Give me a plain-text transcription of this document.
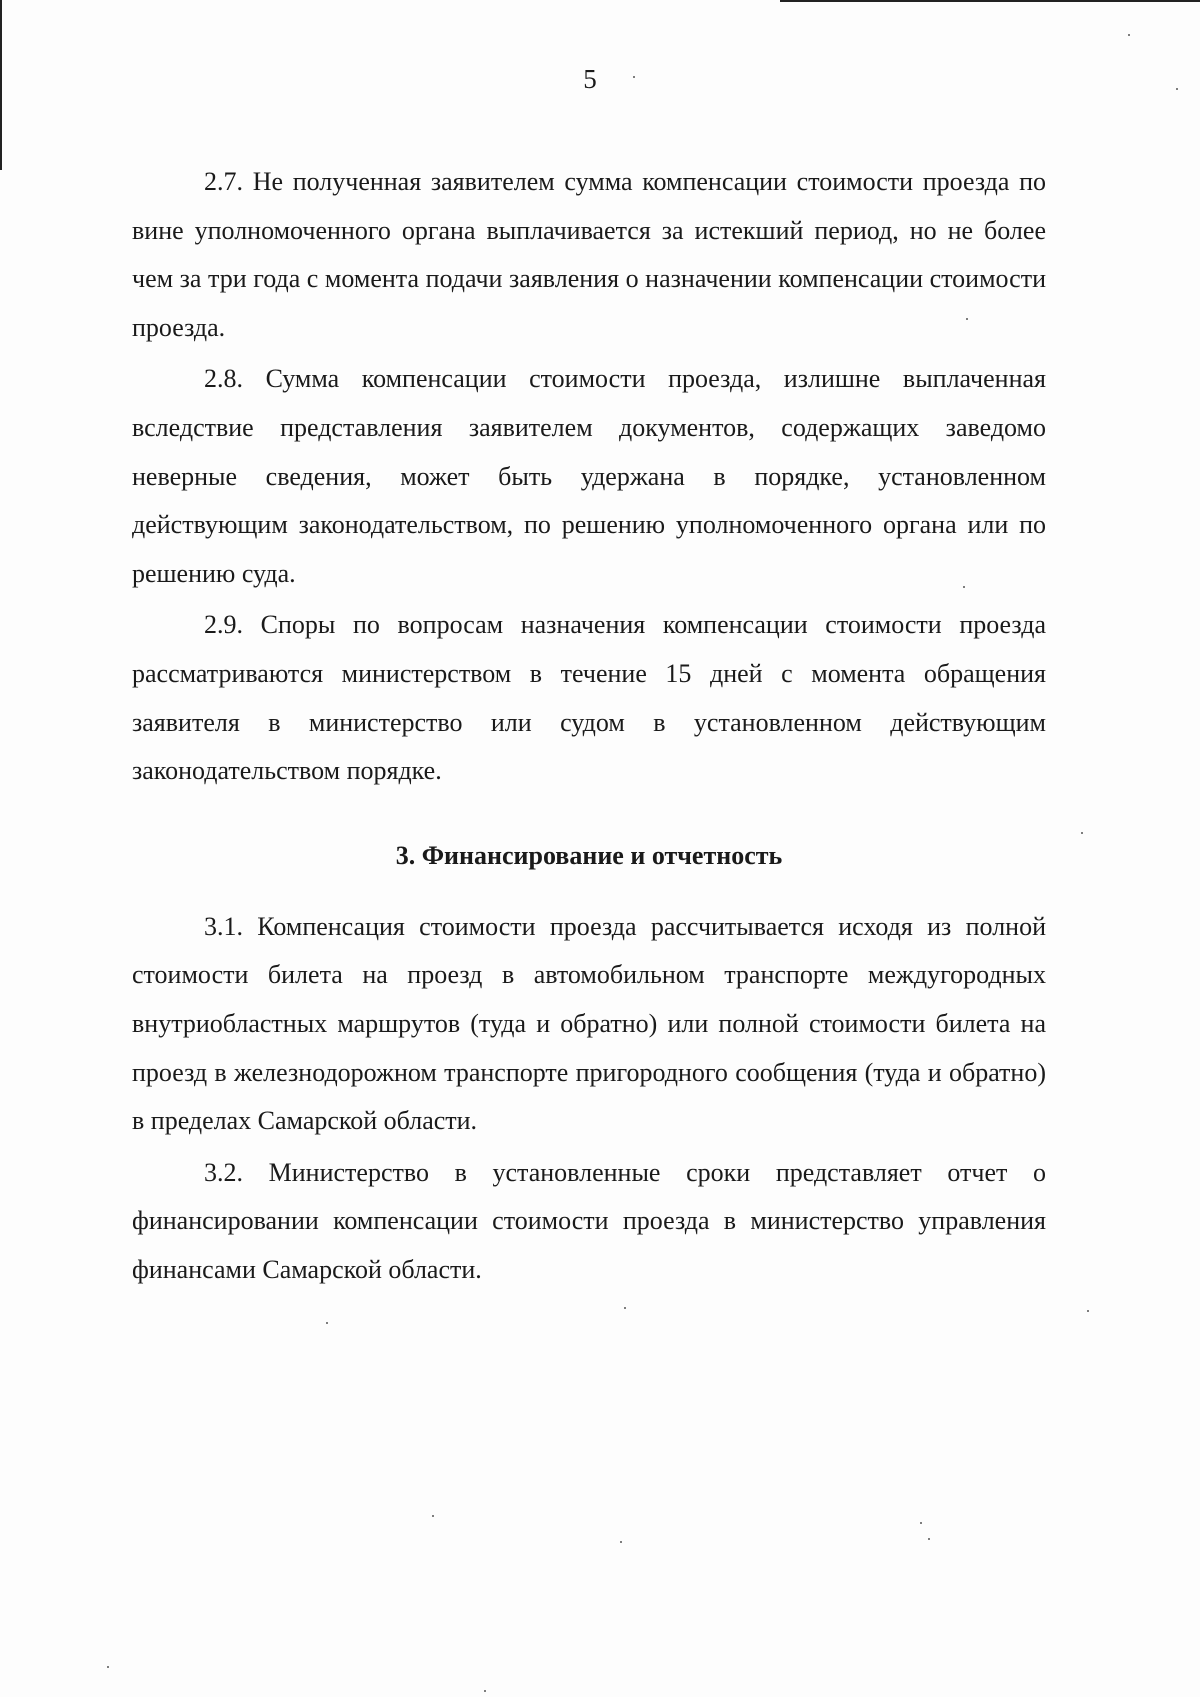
5

2.7. Не полученная заявителем сумма компенсации стоимости проезда по вине уполномоченного органа выплачивается за истекший период, но не более чем за три года с момента подачи заявления о назначении компенсации стоимости проезда.

2.8. Сумма компенсации стоимости проезда, излишне выплаченная вследствие представления заявителем документов, содержащих заведомо неверные сведения, может быть удержана в порядке, установленном действующим законодательством, по решению уполномоченного органа или по решению суда.

2.9. Споры по вопросам назначения компенсации стоимости проезда рассматриваются министерством в течение 15 дней с момента обращения заявителя в министерство или судом в установленном действующим законодательством порядке.

3. Финансирование и отчетность

3.1. Компенсация стоимости проезда рассчитывается исходя из полной стоимости билета на проезд в автомобильном транспорте междугородных внутриобластных маршрутов (туда и обратно) или полной стоимости билета на проезд в железнодорожном транспорте пригородного сообщения (туда и обратно) в пределах Самарской области.

3.2. Министерство в установленные сроки представляет отчет о финансировании компенсации стоимости проезда в министерство управления финансами Самарской области.
